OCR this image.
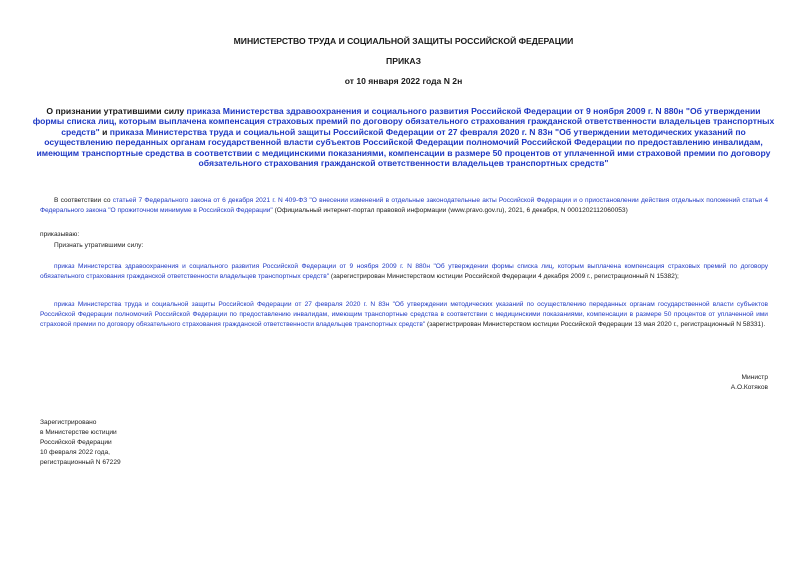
МИНИСТЕРСТВО ТРУДА И СОЦИАЛЬНОЙ ЗАЩИТЫ РОССИЙСКОЙ ФЕДЕРАЦИИ
ПРИКАЗ
от 10 января 2022 года N 2н
О признании утратившими силу приказа Министерства здравоохранения и социального развития Российской Федерации от 9 ноября 2009 г. N 880н "Об утверждении формы списка лиц, которым выплачена компенсация страховых премий по договору обязательного страхования гражданской ответственности владельцев транспортных средств" и приказа Министерства труда и социальной защиты Российской Федерации от 27 февраля 2020 г. N 83н "Об утверждении методических указаний по осуществлению переданных органам государственной власти субъектов Российской Федерации полномочий Российской Федерации по предоставлению инвалидам, имеющим транспортные средства в соответствии с медицинскими показаниями, компенсации в размере 50 процентов от уплаченной ими страховой премии по договору обязательного страхования гражданской ответственности владельцев транспортных средств"
В соответствии со статьей 7 Федерального закона от 6 декабря 2021 г. N 409-ФЗ "О внесении изменений в отдельные законодательные акты Российской Федерации и о приостановлении действия отдельных положений статьи 4 Федерального закона "О прожиточном минимуме в Российской Федерации" (Официальный интернет-портал правовой информации (www.pravo.gov.ru), 2021, 6 декабря, N 0001202112060053)
приказываю:
Признать утратившими силу:
приказ Министерства здравоохранения и социального развития Российской Федерации от 9 ноября 2009 г. N 880н "Об утверждении формы списка лиц, которым выплачена компенсация страховых премий по договору обязательного страхования гражданской ответственности владельцев транспортных средств" (зарегистрирован Министерством юстиции Российской Федерации 4 декабря 2009 г., регистрационный N 15382);
приказ Министерства труда и социальной защиты Российской Федерации от 27 февраля 2020 г. N 83н "Об утверждении методических указаний по осуществлению переданных органам государственной власти субъектов Российской Федерации полномочий Российской Федерации по предоставлению инвалидам, имеющим транспортные средства в соответствии с медицинскими показаниями, компенсации в размере 50 процентов от уплаченной ими страховой премии по договору обязательного страхования гражданской ответственности владельцев транспортных средств" (зарегистрирован Министерством юстиции Российской Федерации 13 мая 2020 г., регистрационный N 58331).
Министр
А.О.Котяков
Зарегистрировано
в Министерстве юстиции
Российской Федерации
10 февраля 2022 года,
регистрационный N 67229
